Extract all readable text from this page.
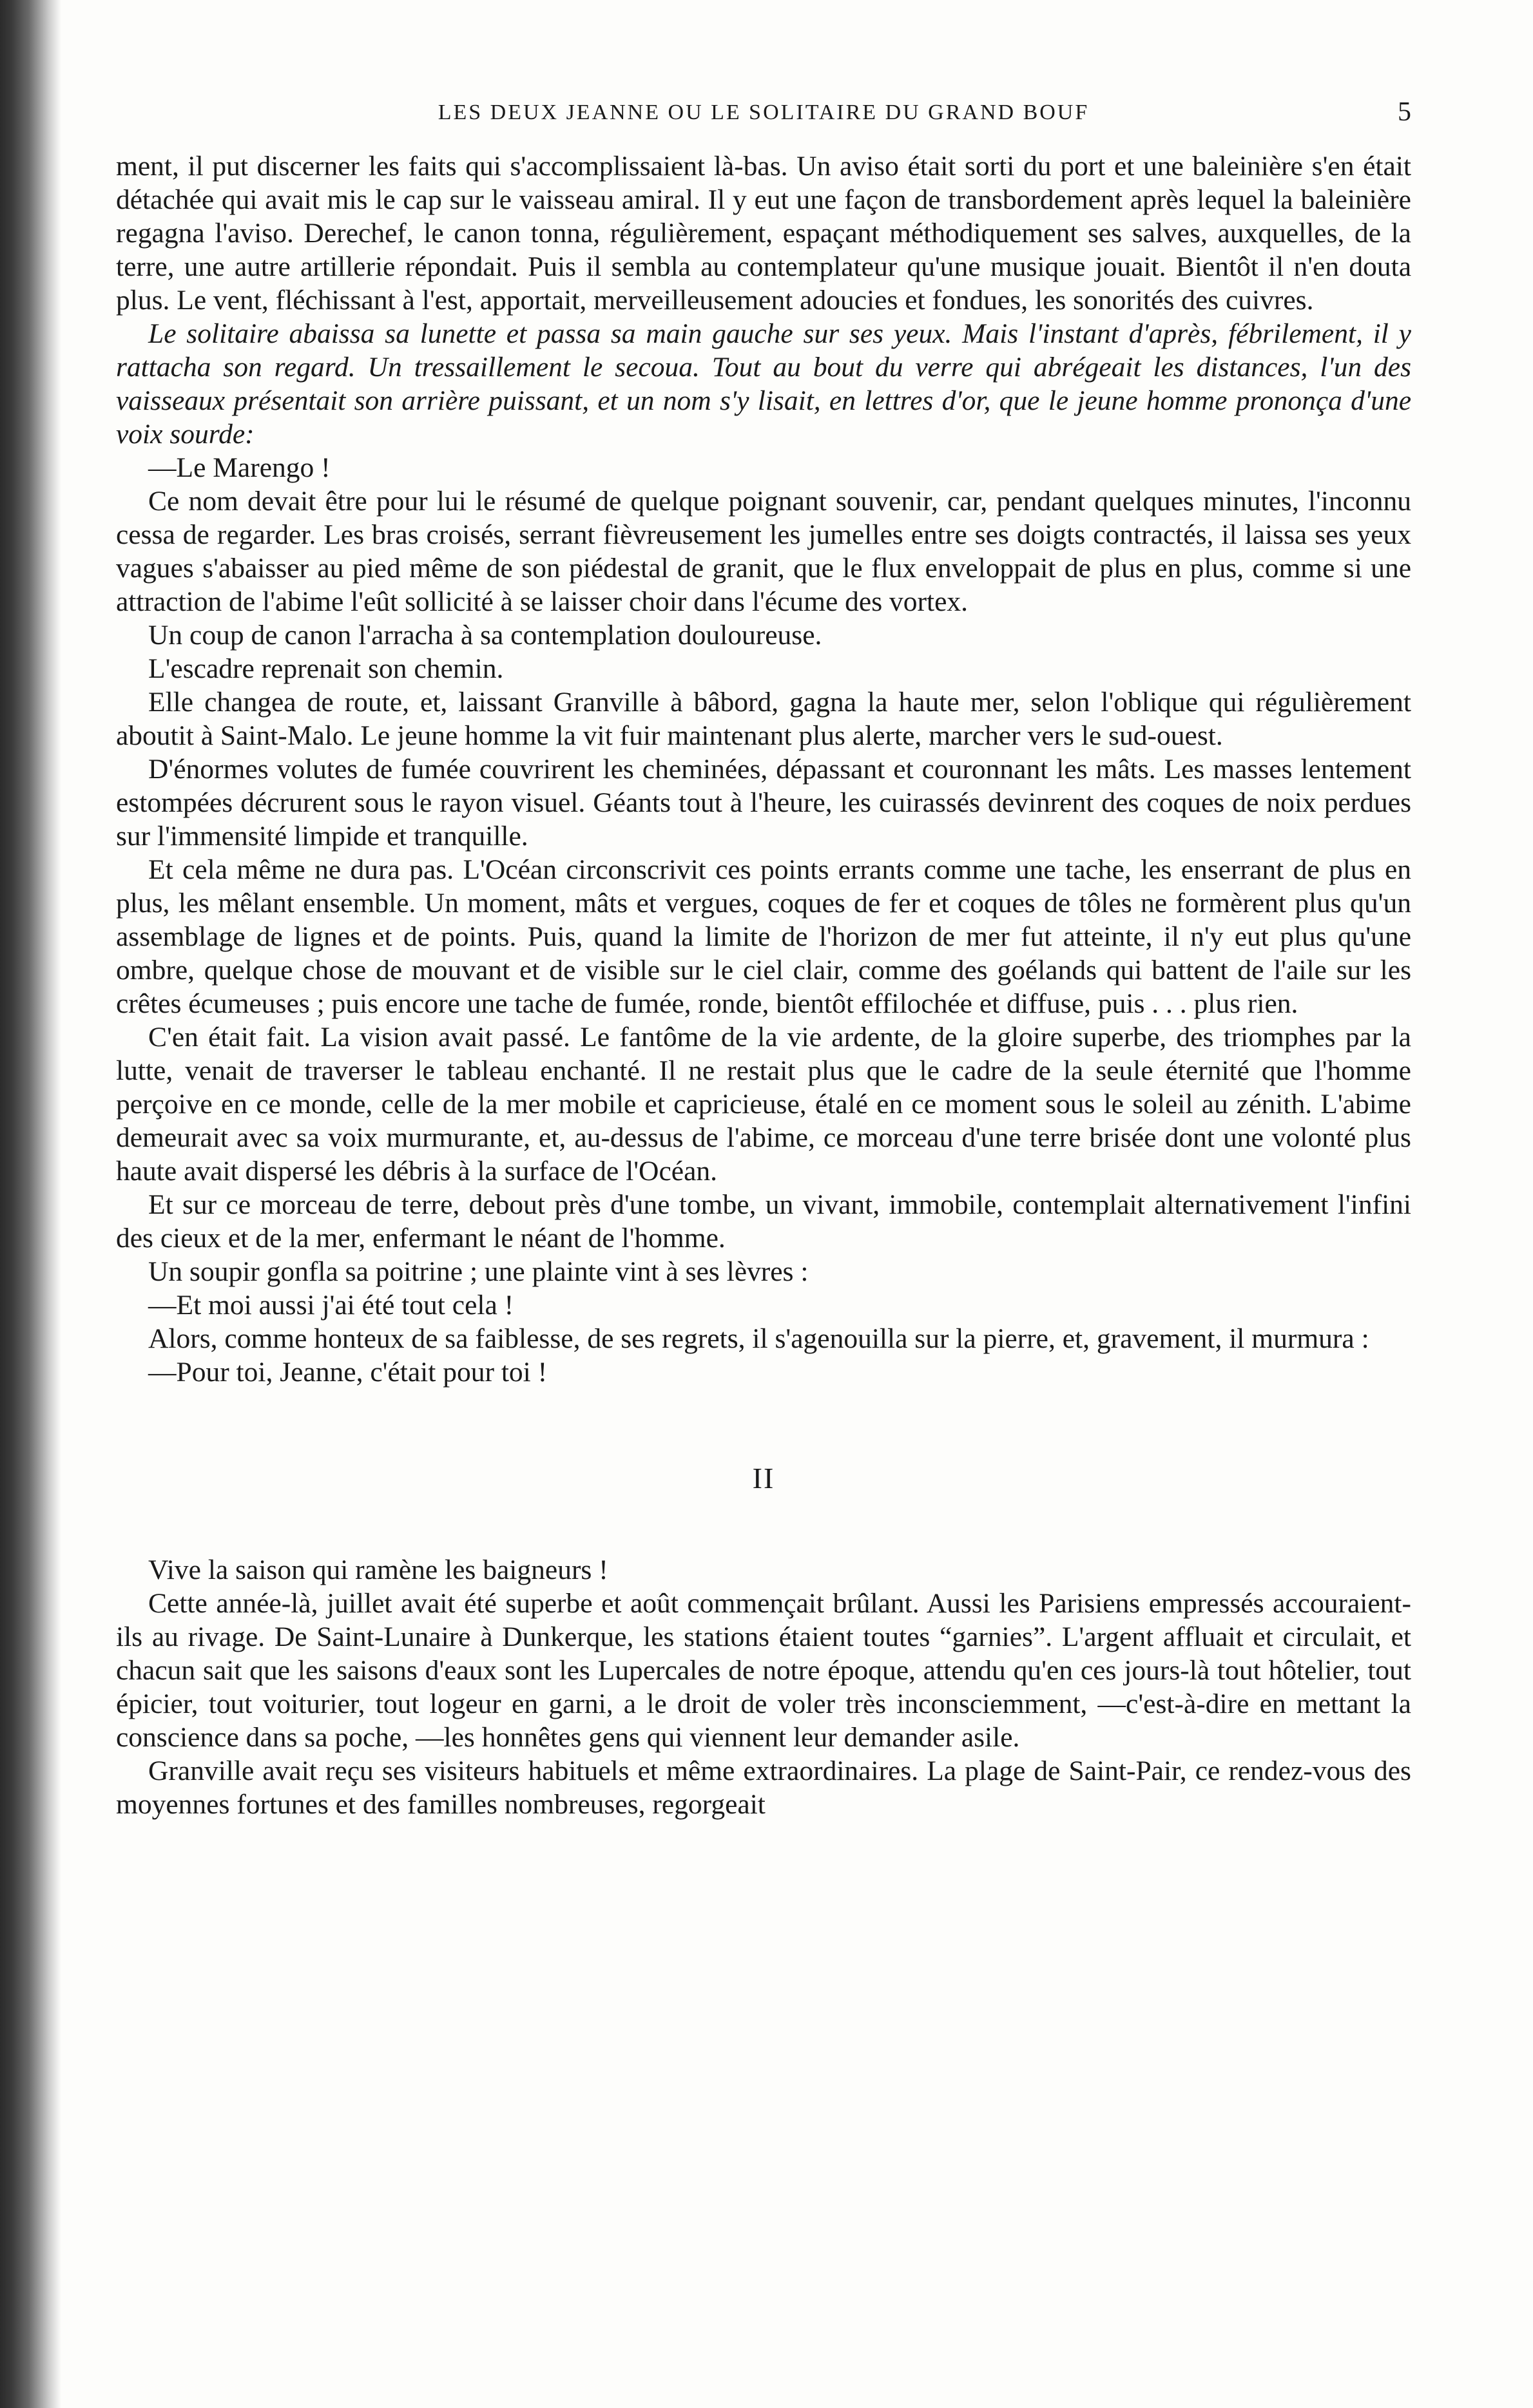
LES DEUX JEANNE OU LE SOLITAIRE DU GRAND BOUF	5

ment, il put discerner les faits qui s'accomplissaient là-bas. Un aviso était sorti du port et une baleinière s'en était détachée qui avait mis le cap sur le vaisseau amiral. Il y eut une façon de transbordement après lequel la baleinière regagna l'aviso. Derechef, le canon tonna, régulièrement, espaçant méthodiquement ses salves, auxquelles, de la terre, une autre artillerie répondait. Puis il sembla au contemplateur qu'une musique jouait. Bientôt il n'en douta plus. Le vent, fléchissant à l'est, apportait, merveilleusement adoucies et fondues, les sonorités des cuivres.

Le solitaire abaissa sa lunette et passa sa main gauche sur ses yeux. Mais l'instant d'après, fébrilement, il y rattacha son regard. Un tressaillement le secoua. Tout au bout du verre qui abrégeait les distances, l'un des vaisseaux présentait son arrière puissant, et un nom s'y lisait, en lettres d'or, que le jeune homme prononça d'une voix sourde:

—Le Marengo !

Ce nom devait être pour lui le résumé de quelque poignant souvenir, car, pendant quelques minutes, l'inconnu cessa de regarder. Les bras croisés, serrant fièvreusement les jumelles entre ses doigts contractés, il laissa ses yeux vagues s'abaisser au pied même de son piédestal de granit, que le flux enveloppait de plus en plus, comme si une attraction de l'abime l'eût sollicité à se laisser choir dans l'écume des vortex.

Un coup de canon l'arracha à sa contemplation douloureuse.

L'escadre reprenait son chemin.

Elle changea de route, et, laissant Granville à bâbord, gagna la haute mer, selon l'oblique qui régulièrement aboutit à Saint-Malo. Le jeune homme la vit fuir maintenant plus alerte, marcher vers le sud-ouest.

D'énormes volutes de fumée couvrirent les cheminées, dépassant et couronnant les mâts. Les masses lentement estompées décrurent sous le rayon visuel. Géants tout à l'heure, les cuirassés devinrent des coques de noix perdues sur l'immensité limpide et tranquille.

Et cela même ne dura pas. L'Océan circonscrivit ces points errants comme une tache, les enserrant de plus en plus, les mêlant ensemble. Un moment, mâts et vergues, coques de fer et coques de tôles ne formèrent plus qu'un assemblage de lignes et de points. Puis, quand la limite de l'horizon de mer fut atteinte, il n'y eut plus qu'une ombre, quelque chose de mouvant et de visible sur le ciel clair, comme des goélands qui battent de l'aile sur les crêtes écumeuses ; puis encore une tache de fumée, ronde, bientôt effilochée et diffuse, puis . . . plus rien.

C'en était fait. La vision avait passé. Le fantôme de la vie ardente, de la gloire superbe, des triomphes par la lutte, venait de traverser le tableau enchanté. Il ne restait plus que le cadre de la seule éternité que l'homme perçoive en ce monde, celle de la mer mobile et capricieuse, étalé en ce moment sous le soleil au zénith. L'abime demeurait avec sa voix murmurante, et, au-dessus de l'abime, ce morceau d'une terre brisée dont une volonté plus haute avait dispersé les débris à la surface de l'Océan.

Et sur ce morceau de terre, debout près d'une tombe, un vivant, immobile, contemplait alternativement l'infini des cieux et de la mer, enfermant le néant de l'homme.

Un soupir gonfla sa poitrine ; une plainte vint à ses lèvres :

—Et moi aussi j'ai été tout cela !

Alors, comme honteux de sa faiblesse, de ses regrets, il s'agenouilla sur la pierre, et, gravement, il murmura :

—Pour toi, Jeanne, c'était pour toi !

II

Vive la saison qui ramène les baigneurs !

Cette année-là, juillet avait été superbe et août commençait brûlant. Aussi les Parisiens empressés accouraient-ils au rivage. De Saint-Lunaire à Dunkerque, les stations étaient toutes “garnies”. L'argent affluait et circulait, et chacun sait que les saisons d'eaux sont les Lupercales de notre époque, attendu qu'en ces jours-là tout hôtelier, tout épicier, tout voiturier, tout logeur en garni, a le droit de voler très inconsciemment, —c'est-à-dire en mettant la conscience dans sa poche, —les honnêtes gens qui viennent leur demander asile.

Granville avait reçu ses visiteurs habituels et même extraordinaires. La plage de Saint-Pair, ce rendez-vous des moyennes fortunes et des familles nombreuses, regorgeait
